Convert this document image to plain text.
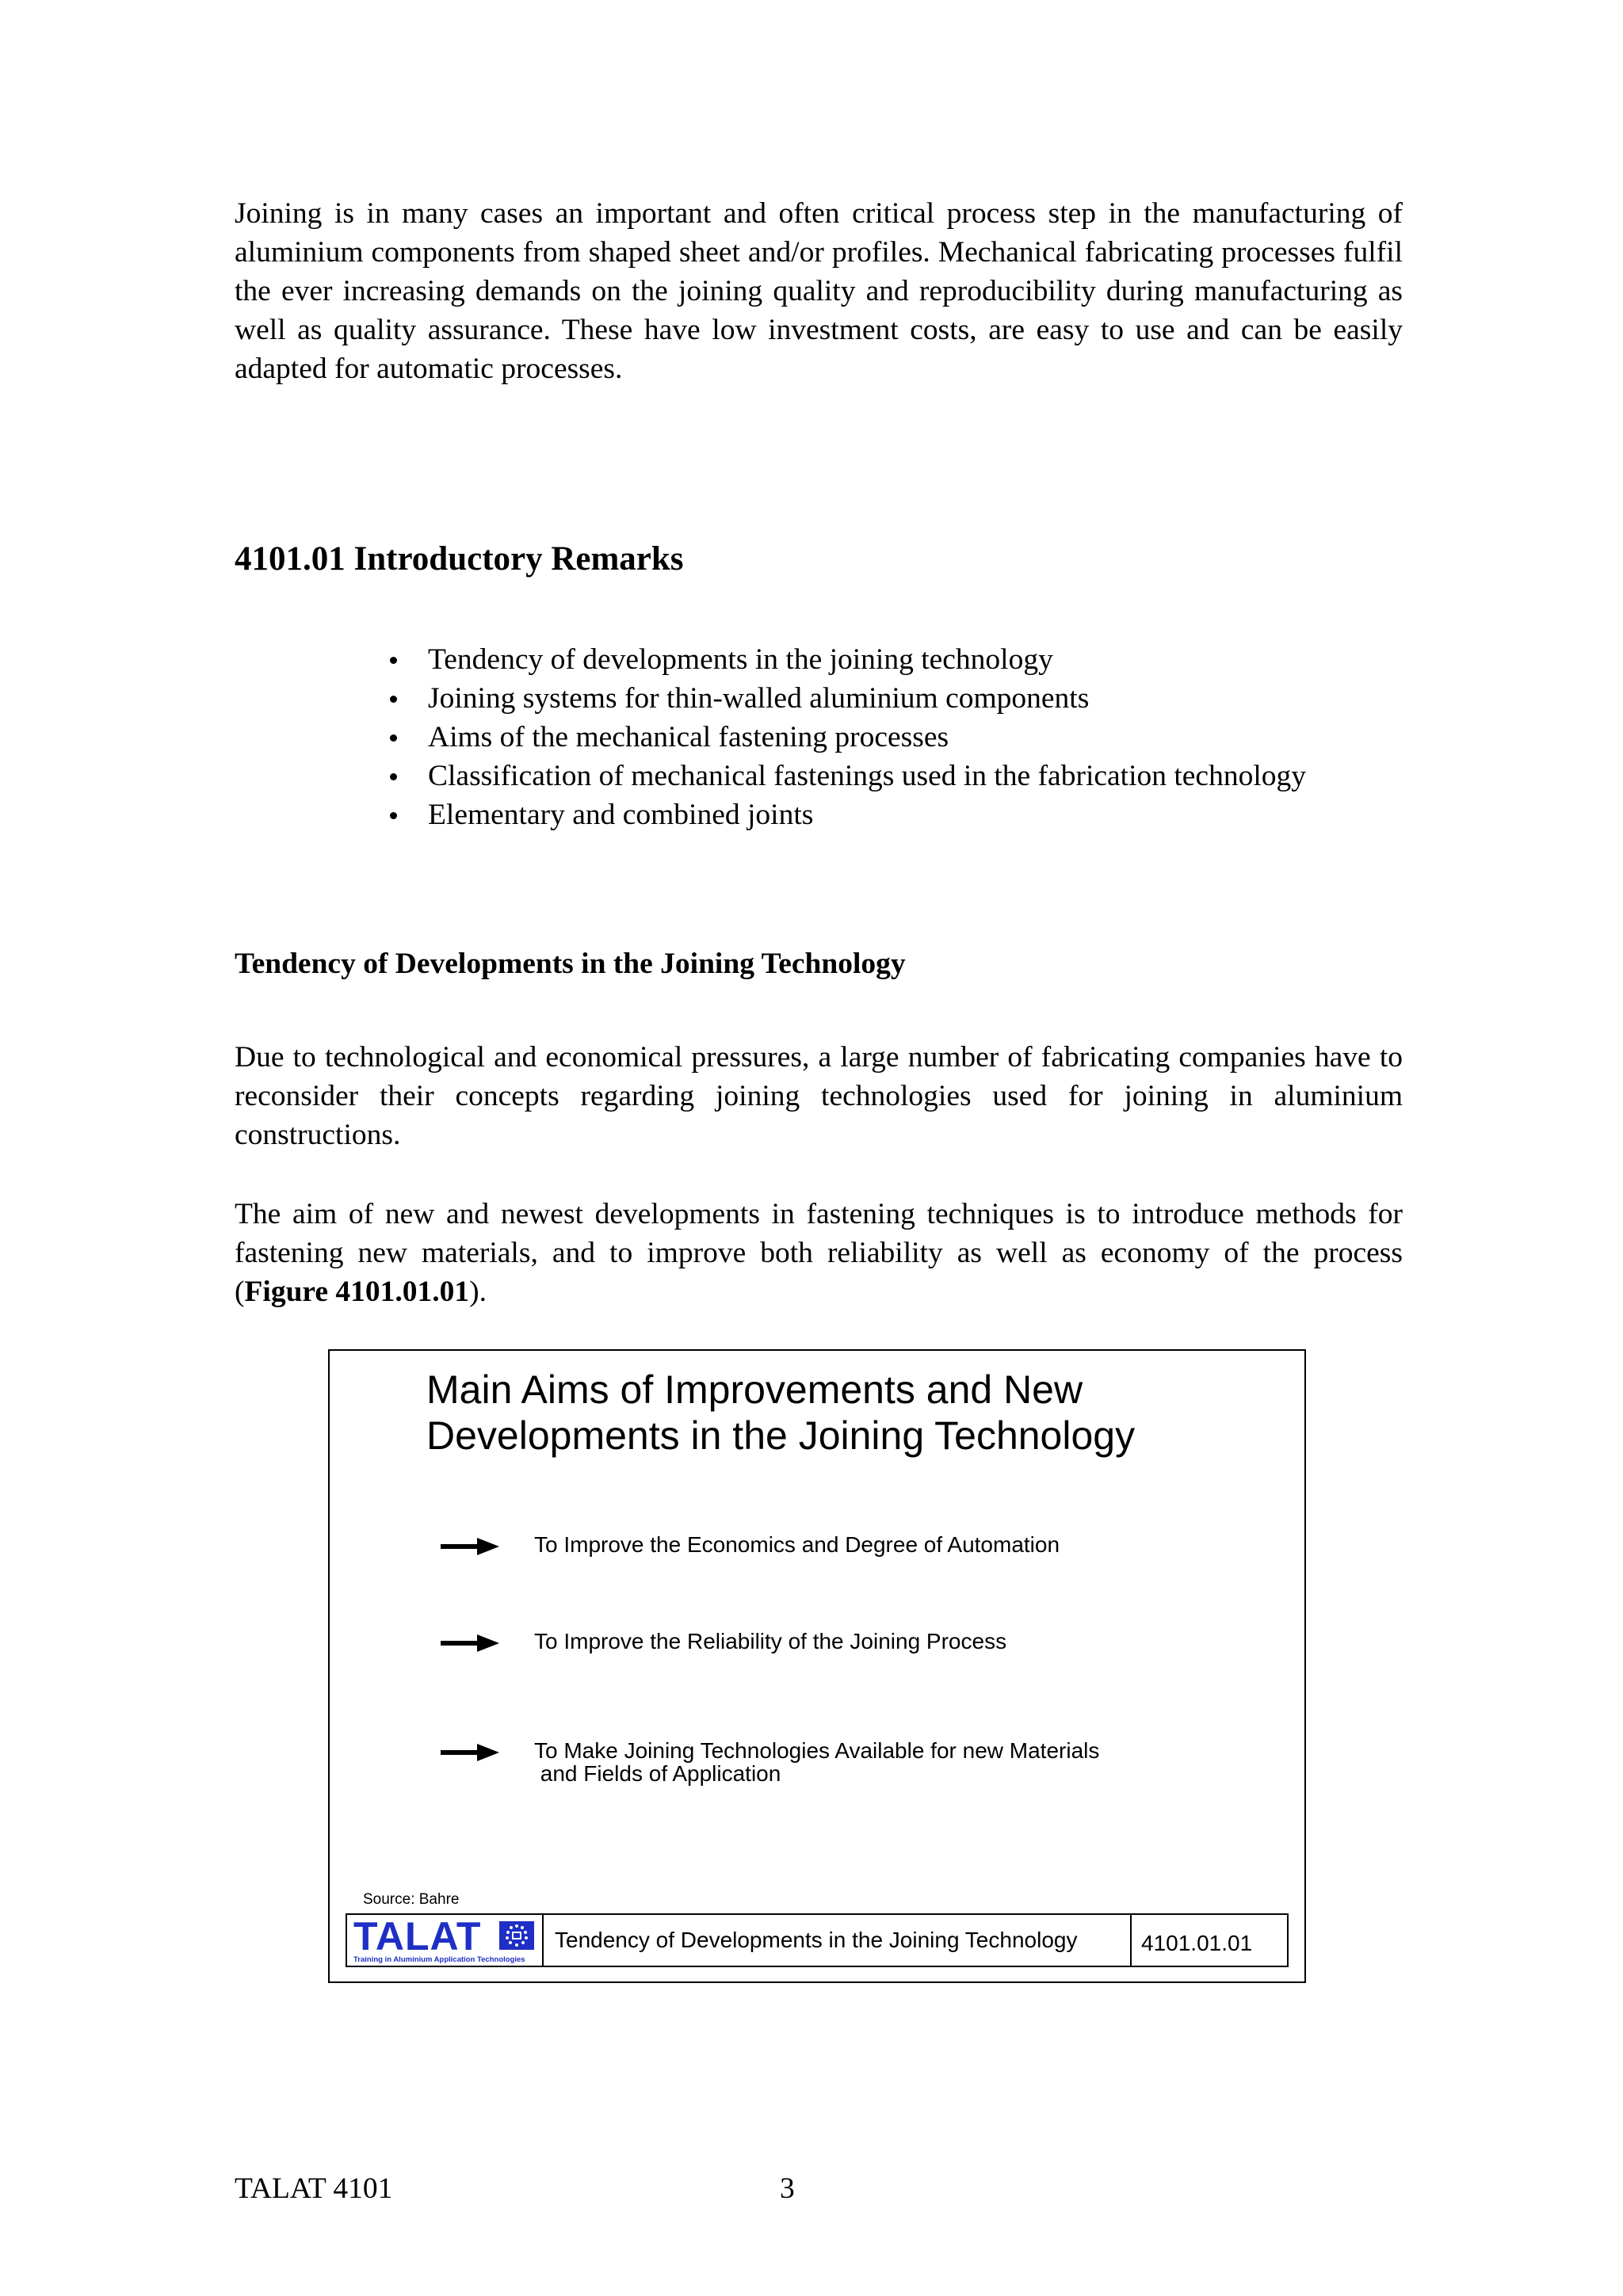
Joining is in many cases an important and often critical process step in the manufacturing of aluminium components from shaped sheet and/or profiles. Mechanical fabricating processes fulfil the ever increasing demands on the joining quality and reproducibility during manufacturing as well as quality assurance. These have low investment costs, are easy to use and can be easily adapted for automatic processes.

4101.01 Introductory Remarks
Tendency of developments in the joining technology
Joining systems for thin-walled aluminium components
Aims of the mechanical fastening processes
Classification of mechanical fastenings used in the fabrication technology
Elementary and combined joints
Tendency of Developments in the Joining Technology

Due to technological and economical pressures, a large number of fabricating companies have to reconsider their concepts regarding joining technologies used for joining in aluminium constructions.

The aim of new and newest developments in fastening techniques is to introduce methods for fastening new materials, and to improve both reliability as well as economy of the process (Figure 4101.01.01).

Main Aims of Improvements and New
Developments in the Joining Technology
To Improve the Economics and Degree of Automation
To Improve the Reliability of the Joining Process
To Make Joining Technologies Available for new Materials
and Fields of Application
Source: Bahre
TALAT
Training in Aluminium Application Technologies
Tendency of Developments in the Joining Technology	4101.01.01
TALAT 4101	3
